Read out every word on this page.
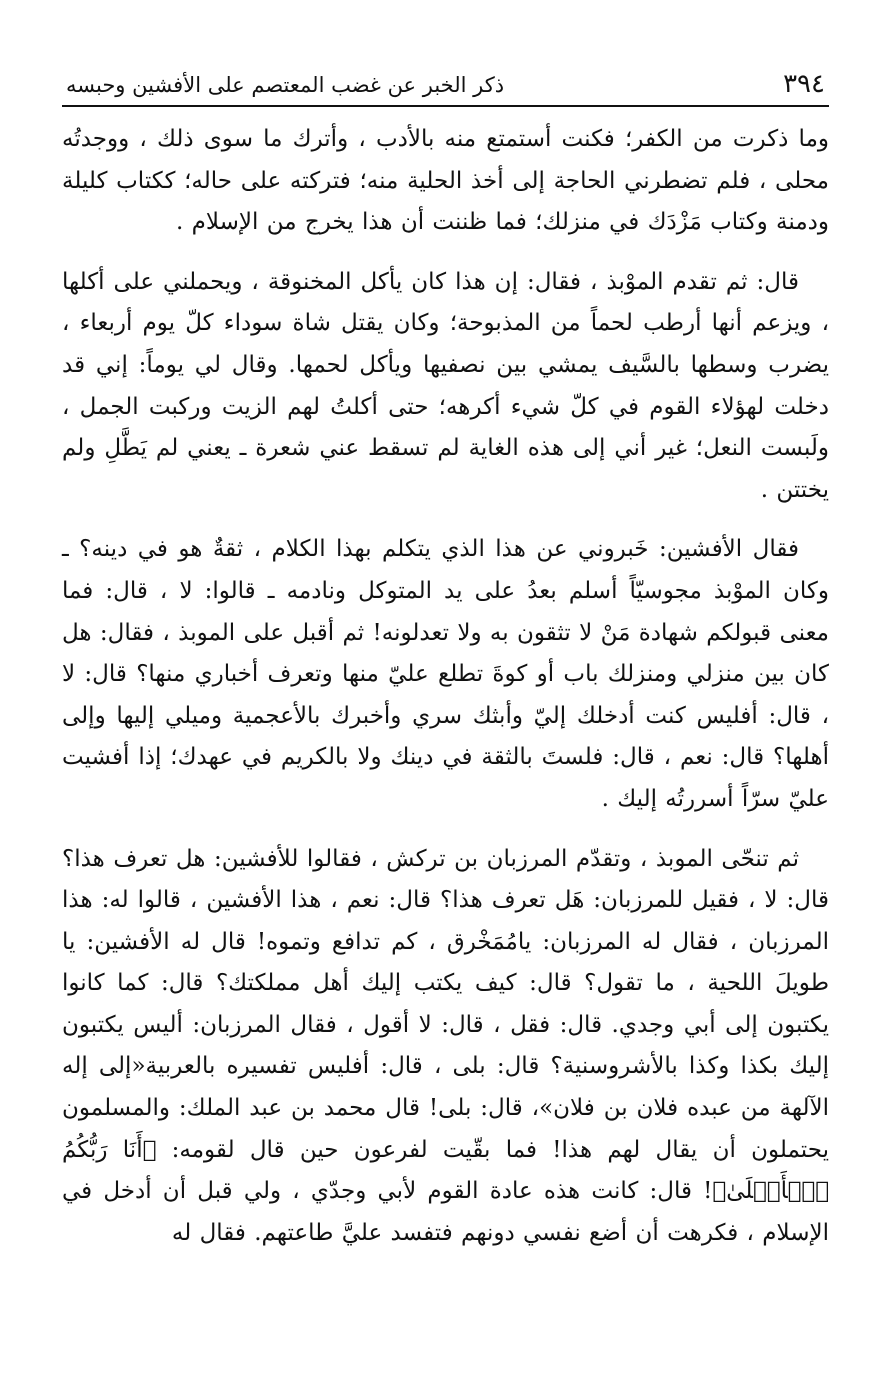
٣٩٤
ذكر الخبر عن غضب المعتصم على الأفشين وحبسه

وما ذكرت من الكفر؛ فكنت أستمتع منه بالأدب ، وأترك ما سوى ذلك ، ووجدتُه محلى ، فلم تضطرني الحاجة إلى أخذ الحلية منه؛ فتركته على حاله؛ ككتاب كليلة ودمنة وكتاب مَزْدَك في منزلك؛ فما ظننت أن هذا يخرج من الإسلام .

قال: ثم تقدم الموْبذ ، فقال: إن هذا كان يأكل المخنوقة ، ويحملني على أكلها ، ويزعم أنها أرطب لحماً من المذبوحة؛ وكان يقتل شاة سوداء كلّ يوم أربعاء ، يضرب وسطها بالسَّيف يمشي بين نصفيها ويأكل لحمها. وقال لي يوماً: إني قد دخلت لهؤلاء القوم في كلّ شيء أكرهه؛ حتى أكلتُ لهم الزيت وركبت الجمل ، ولَبست النعل؛ غير أني إلى هذه الغاية لم تسقط عني شعرة ـ يعني لم يَطَّلِ ولم يختتن .

فقال الأفشين: خَبروني عن هذا الذي يتكلم بهذا الكلام ، ثقةٌ هو في دينه؟ ـ وكان الموْبذ مجوسيّاً أسلم بعدُ على يد المتوكل ونادمه ـ قالوا: لا ، قال: فما معنى قبولكم شهادة مَنْ لا تثقون به ولا تعدلونه! ثم أقبل على الموبذ ، فقال: هل كان بين منزلي ومنزلك باب أو كوةَ تطلع عليّ منها وتعرف أخباري منها؟ قال: لا ، قال: أفليس كنت أدخلك إليّ وأبثك سري وأخبرك بالأعجمية وميلي إليها وإلى أهلها؟ قال: نعم ، قال: فلستَ بالثقة في دينك ولا بالكريم في عهدك؛ إذا أفشيت عليّ سرّاً أسررتُه إليك .

ثم تنحّى الموبذ ، وتقدّم المرزبان بن تركش ، فقالوا للأفشين: هل تعرف هذا؟ قال: لا ، فقيل للمرزبان: هَل تعرف هذا؟ قال: نعم ، هذا الأفشين ، قالوا له: هذا المرزبان ، فقال له المرزبان: يامُمَخْرق ، كم تدافع وتموه! قال له الأفشين: يا طويلَ اللحية ، ما تقول؟ قال: كيف يكتب إليك أهل مملكتك؟ قال: كما كانوا يكتبون إلى أبي وجدي. قال: فقل ، قال: لا أقول ، فقال المرزبان: أليس يكتبون إليك بكذا وكذا بالأشروسنية؟ قال: بلى ، قال: أفليس تفسيره بالعربية«إلى إله الآلهة من عبده فلان بن فلان»، قال: بلى! قال محمد بن عبد الملك: والمسلمون يحتملون أن يقال لهم هذا! فما بقّيت لفرعون حين قال لقومه: ﴿أَنَا رَبُّكُمُ ٱلۡأَعۡلَىٰ﴾! قال: كانت هذه عادة القوم لأبي وجدّي ، ولي قبل أن أدخل في الإسلام ، فكرهت أن أضع نفسي دونهم فتفسد عليَّ طاعتهم. فقال له
